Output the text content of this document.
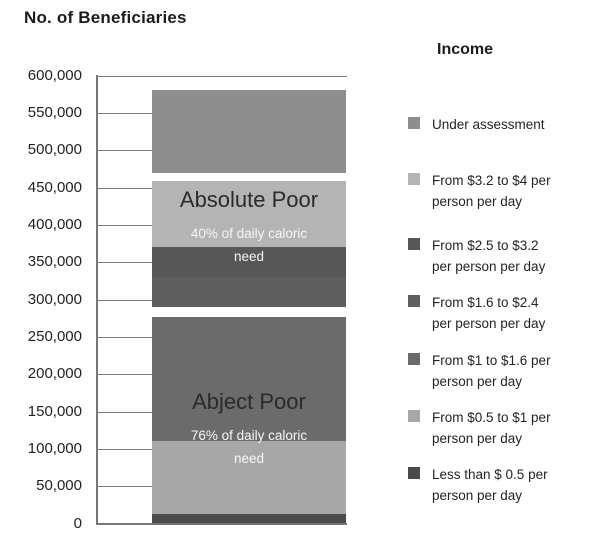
No. of Beneficiaries
600,000
550,000
500,000
450,000
400,000
350,000
300,000
250,000
200,000
150,000
100,000
50,000
0
Absolute Poor
40% of daily caloric
need
Abject Poor
76% of daily caloric
need
Income
Under assessment
From $3.2 to $4 per
person per day
From $2.5 to $3.2
per person per day
From $1.6 to $2.4
per person per day
From $1 to $1.6 per
person per day
From $0.5 to $1 per
person per day
Less than $ 0.5 per
person per day
